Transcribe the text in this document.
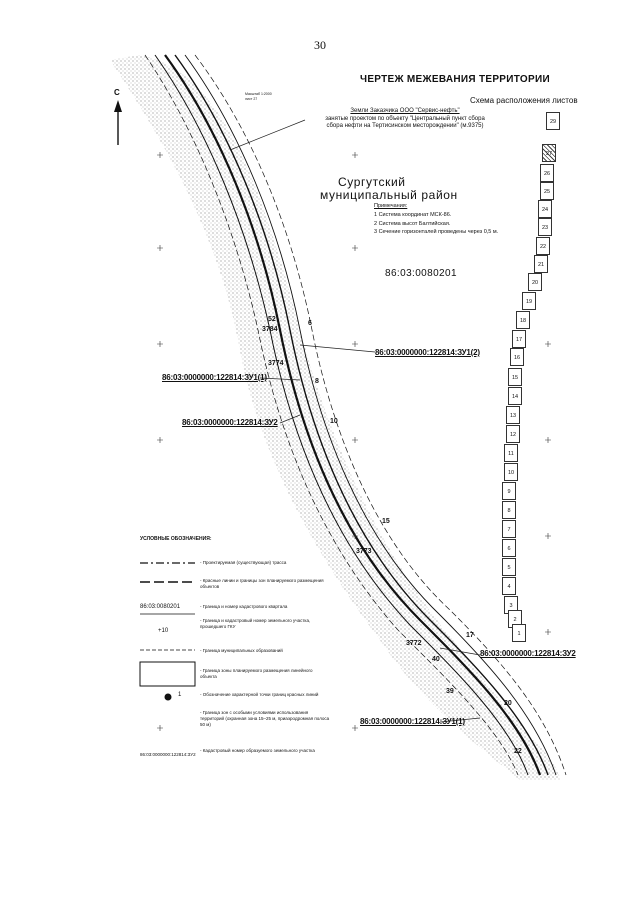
30
ЧЕРТЕЖ МЕЖЕВАНИЯ ТЕРРИТОРИИ
Схема расположения листов
Масштаб 1:2000
лист 27
Земли Заказчика ООО "Сервис-нефть"
занятые проектом по объекту "Центральный пункт сбора
сбора нефти на Тертисинском месторождении" (м.9375)
Сургутский
муниципальный район
Примечания:
1 Система координат МСК-86.
2 Система высот Балтийская.
3 Сечение горизонталей проведены через 0,5 м.
86:03:0080201
С
86:03:0000000:122814:ЗУ1(2)
86:03:0000000:122814:ЗУ1(1)
86:03:0000000:122814:ЗУ2
86:03:0000000:122814:ЗУ2
86:03:0000000:122814:ЗУ1(1)
52
3784
3774
6
8
10
15
3773
17
3772
40
39
20
22
УСЛОВНЫЕ ОБОЗНАЧЕНИЯ:
- Проектируемая (существующая) трасса
- Красные линии и границы зон планируемого размещения объектов
86:03:0080201	- Граница и номер кадастрового квартала
- Граница и кадастровый номер земельного участка, прошедшего ГКУ
+10
- Граница муниципальных образований
- Граница зоны планируемого размещения линейного объекта
1	- Обозначение характерной точки границ красных линий
- Граница зон с особыми условиями использования территорий (охранная зона 15–25 м, приаэродромная полоса 50 м)
86:03:0000000:122814:ЗУ2
- Кадастровый номер образуемого земельного участка
29
27
26
25
24
23
22
21
20
19
18
17
16
15
14
13
12
11
10
9
8
7
6
5
4
3
2
1
